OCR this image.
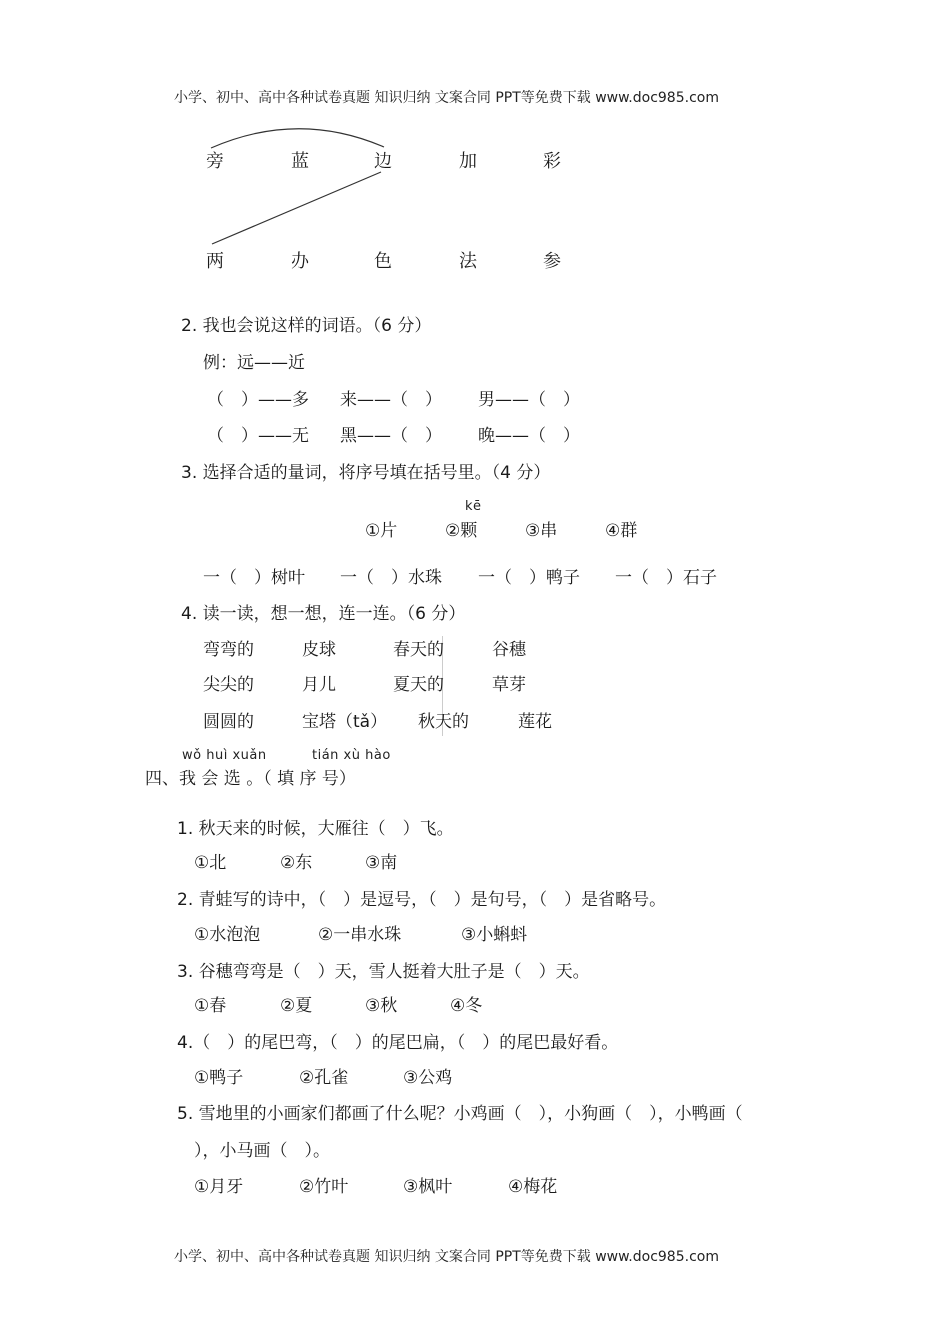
小学、初中、高中各种试卷真题 知识归纳 文案合同 PPT等免费下载 www.doc985.com
旁	蓝	边	加	彩
两	办	色	法	参
2. 我也会说这样的词语。（6 分）
例：远——近
（　）——多 来——（　） 男——（　）
（　）——无 黑——（　） 晚——（　）
3. 选择合适的量词，将序号填在括号里。（4 分）
kē
①片	②颗	③串	④群
一（　）树叶 一（　）水珠 一（　）鸭子 一（　）石子
4. 读一读，想一想，连一连。（6 分）
弯弯的	皮球	春天的	谷穗
尖尖的	月儿	夏天的	草芽
圆圆的	宝塔（tǎ） 秋天的	莲花
wǒ huì xuǎn	tián xù hào
四、我 会 选 。（ 填 序 号）
1. 秋天来的时候，大雁往（　）飞。
①北	②东	③南
2. 青蛙写的诗中，（　）是逗号，（　）是句号，（　）是省略号。
①水泡泡	②一串水珠	③小蝌蚪
3. 谷穗弯弯是（　）天，雪人挺着大肚子是（　）天。
①春	②夏	③秋	④冬
4.（　）的尾巴弯，（　）的尾巴扁，（　）的尾巴最好看。
①鸭子	②孔雀	③公鸡
5. 雪地里的小画家们都画了什么呢？小鸡画（　），小狗画（　），小鸭画（
），小马画（　）。
①月牙	②竹叶	③枫叶	④梅花
小学、初中、高中各种试卷真题 知识归纳 文案合同 PPT等免费下载 www.doc985.com
